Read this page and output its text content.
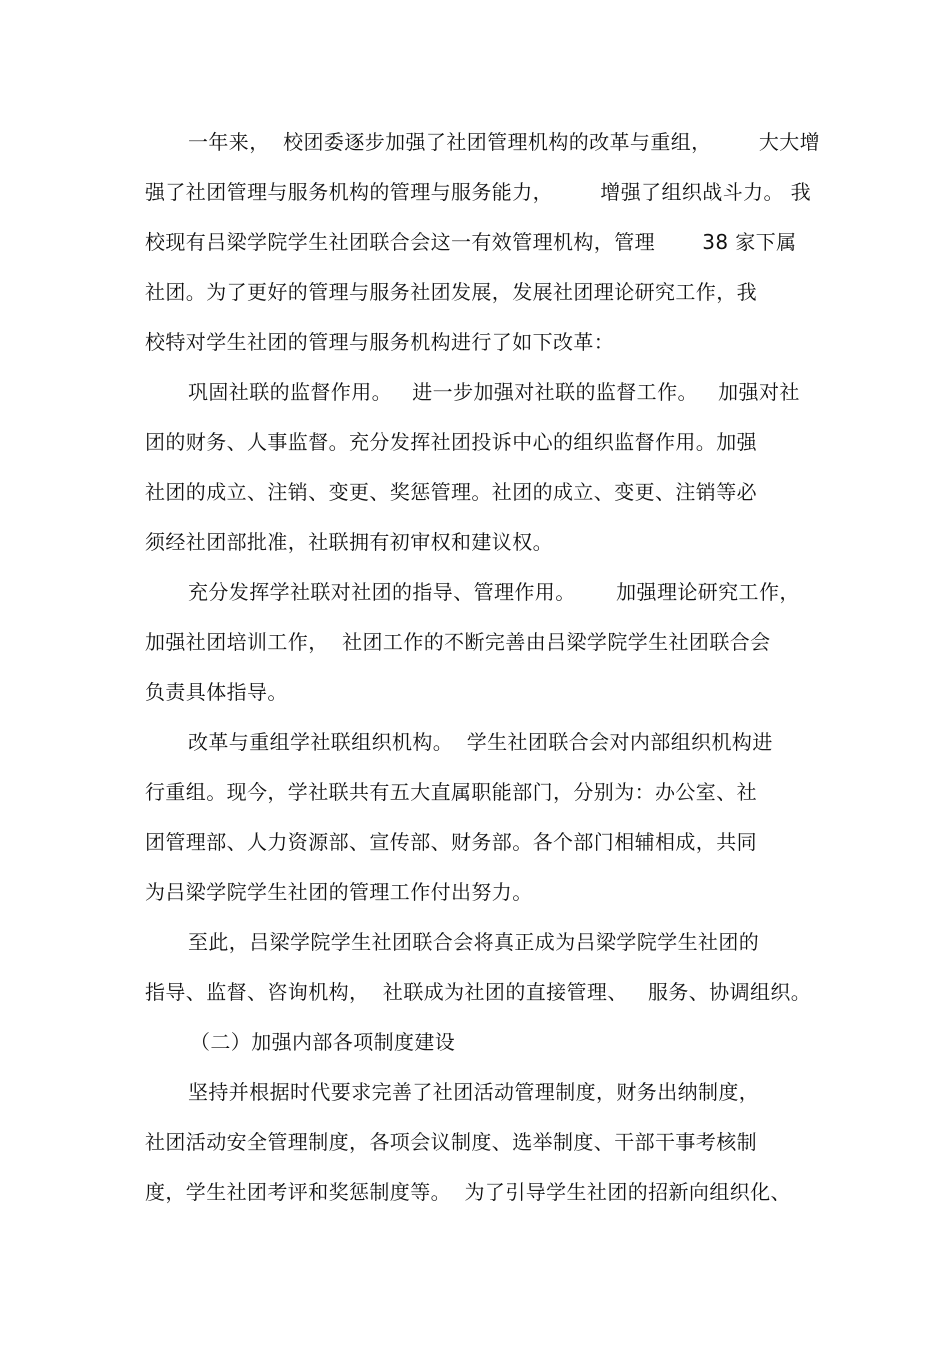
一年来，  校团委逐步加强了社团管理机构的改革与重组，       大大增
强了社团管理与服务机构的管理与服务能力，       增强了组织战斗力。 我
校现有吕梁学院学生社团联合会这一有效管理机构，管理       38 家下属
社团。为了更好的管理与服务社团发展，发展社团理论研究工作，我
校特对学生社团的管理与服务机构进行了如下改革：
巩固社联的监督作用。   进一步加强对社联的监督工作。   加强对社
团的财务、人事监督。充分发挥社团投诉中心的组织监督作用。加强
社团的成立、注销、变更、奖惩管理。社团的成立、变更、注销等必
须经社团部批准，社联拥有初审权和建议权。
充分发挥学社联对社团的指导、管理作用。      加强理论研究工作，
加强社团培训工作，  社团工作的不断完善由吕梁学院学生社团联合会
负责具体指导。
改革与重组学社联组织机构。  学生社团联合会对内部组织机构进
行重组。现今，学社联共有五大直属职能部门，分别为：办公室、社
团管理部、人力资源部、宣传部、财务部。各个部门相辅相成，共同
为吕梁学院学生社团的管理工作付出努力。
至此，吕梁学院学生社团联合会将真正成为吕梁学院学生社团的
指导、监督、咨询机构，  社联成为社团的直接管理、   服务、协调组织。
（二）加强内部各项制度建设
坚持并根据时代要求完善了社团活动管理制度，财务出纳制度，
社团活动安全管理制度，各项会议制度、选举制度、干部干事考核制
度，学生社团考评和奖惩制度等。  为了引导学生社团的招新向组织化、
